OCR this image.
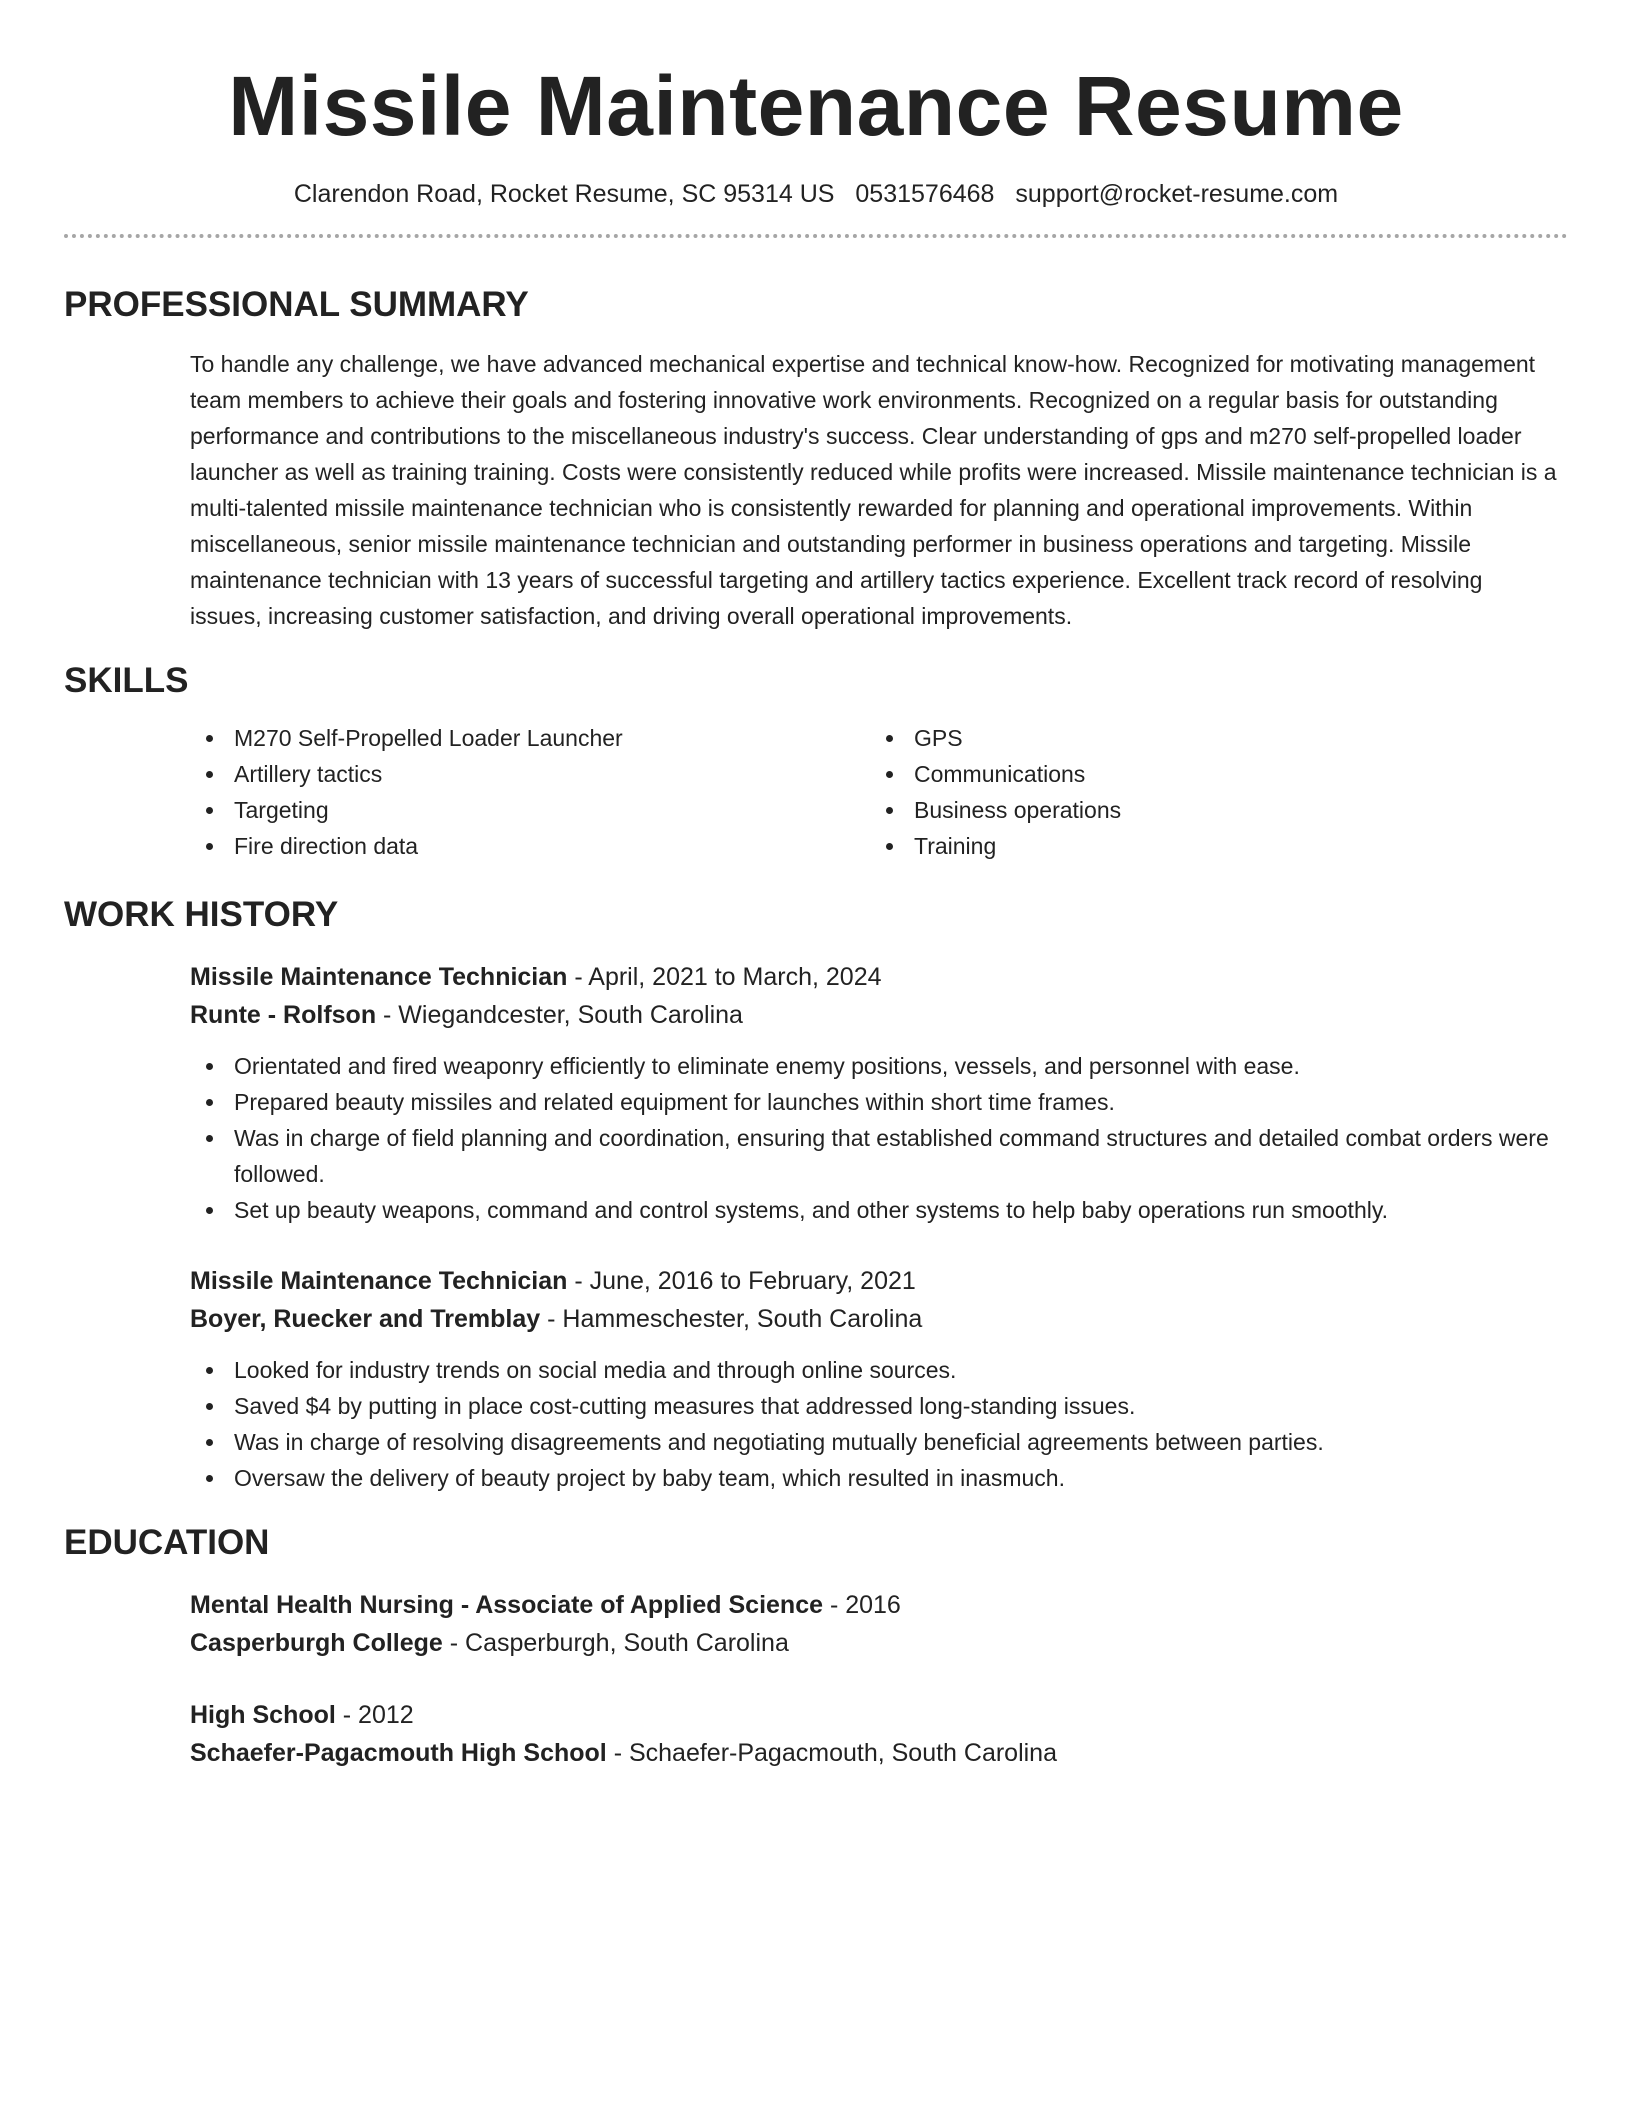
Missile Maintenance Resume
Clarendon Road, Rocket Resume, SC 95314 US 0531576468 support@rocket-resume.com
PROFESSIONAL SUMMARY

To handle any challenge, we have advanced mechanical expertise and technical know-how. Recognized for motivating management team members to achieve their goals and fostering innovative work environments. Recognized on a regular basis for outstanding performance and contributions to the miscellaneous industry's success. Clear understanding of gps and m270 self-propelled loader launcher as well as training training. Costs were consistently reduced while profits were increased. Missile maintenance technician is a multi-talented missile maintenance technician who is consistently rewarded for planning and operational improvements. Within miscellaneous, senior missile maintenance technician and outstanding performer in business operations and targeting. Missile maintenance technician with 13 years of successful targeting and artillery tactics experience. Excellent track record of resolving issues, increasing customer satisfaction, and driving overall operational improvements.

SKILLS
M270 Self-Propelled Loader Launcher
Artillery tactics
Targeting
Fire direction data
GPS
Communications
Business operations
Training
WORK HISTORY
Missile Maintenance Technician - April, 2021 to March, 2024
Runte - Rolfson - Wiegandcester, South Carolina
Orientated and fired weaponry efficiently to eliminate enemy positions, vessels, and personnel with ease.
Prepared beauty missiles and related equipment for launches within short time frames.
Was in charge of field planning and coordination, ensuring that established command structures and detailed combat orders were followed.
Set up beauty weapons, command and control systems, and other systems to help baby operations run smoothly.
Missile Maintenance Technician - June, 2016 to February, 2021
Boyer, Ruecker and Tremblay - Hammeschester, South Carolina
Looked for industry trends on social media and through online sources.
Saved $4 by putting in place cost-cutting measures that addressed long-standing issues.
Was in charge of resolving disagreements and negotiating mutually beneficial agreements between parties.
Oversaw the delivery of beauty project by baby team, which resulted in inasmuch.
EDUCATION
Mental Health Nursing - Associate of Applied Science - 2016
Casperburgh College - Casperburgh, South Carolina
High School - 2012
Schaefer-Pagacmouth High School - Schaefer-Pagacmouth, South Carolina
